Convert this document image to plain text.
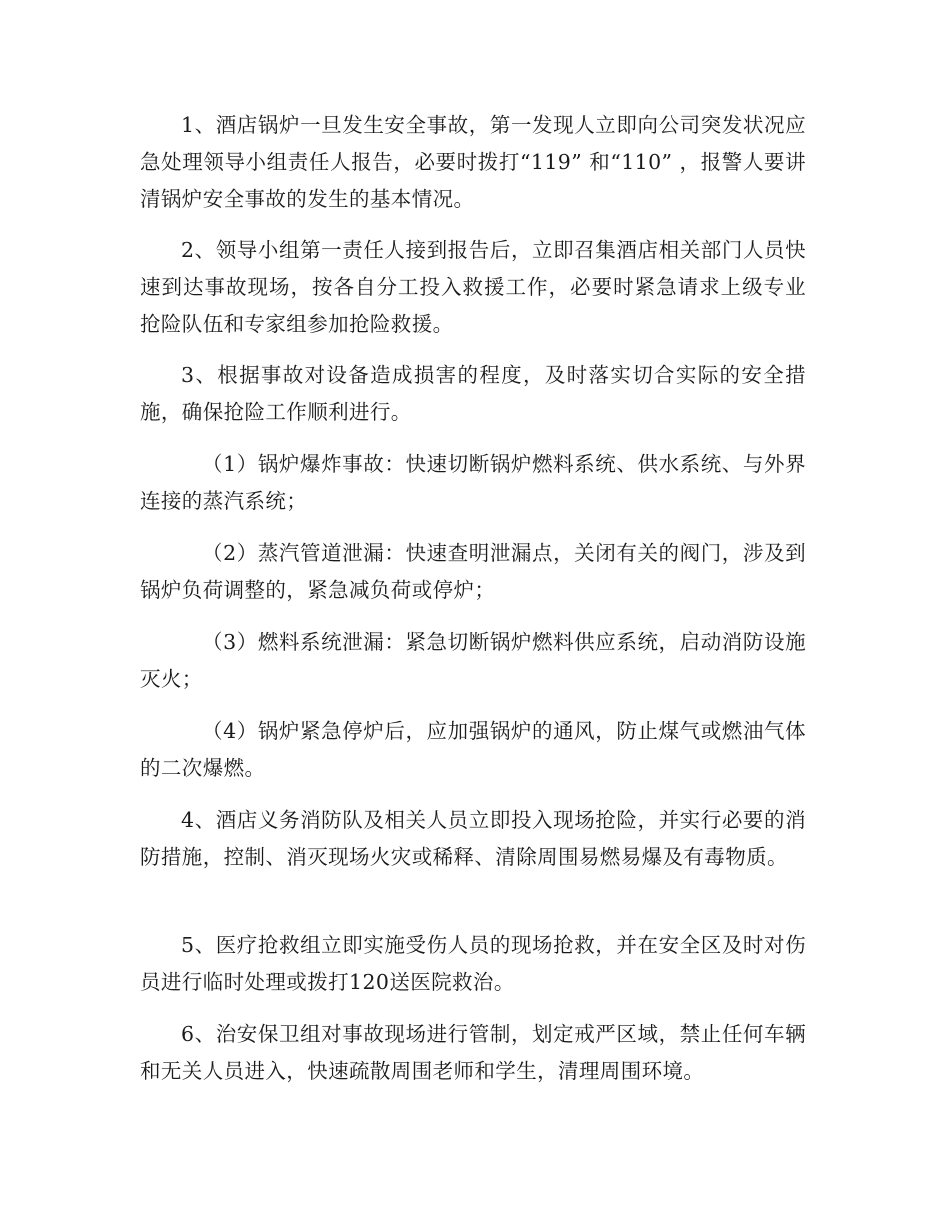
1、酒店锅炉一旦发生安全事故，第一发现人立即向公司突发状况应急处理领导小组责任人报告，必要时拨打“119” 和“110” ，报警人要讲清锅炉安全事故的发生的基本情况。

2、领导小组第一责任人接到报告后，立即召集酒店相关部门人员快速到达事故现场，按各自分工投入救援工作，必要时紧急请求上级专业抢险队伍和专家组参加抢险救援。

3、根据事故对设备造成损害的程度，及时落实切合实际的安全措施，确保抢险工作顺利进行。

（1）锅炉爆炸事故：快速切断锅炉燃料系统、供水系统、与外界连接的蒸汽系统；

（2）蒸汽管道泄漏：快速查明泄漏点，关闭有关的阀门，涉及到锅炉负荷调整的，紧急减负荷或停炉；

（3）燃料系统泄漏：紧急切断锅炉燃料供应系统，启动消防设施灭火；

（4）锅炉紧急停炉后，应加强锅炉的通风，防止煤气或燃油气体的二次爆燃。

4、酒店义务消防队及相关人员立即投入现场抢险，并实行必要的消防措施，控制、消灭现场火灾或稀释、清除周围易燃易爆及有毒物质。

5、医疗抢救组立即实施受伤人员的现场抢救，并在安全区及时对伤员进行临时处理或拨打120送医院救治。

6、治安保卫组对事故现场进行管制，划定戒严区域，禁止任何车辆和无关人员进入，快速疏散周围老师和学生，清理周围环境。
